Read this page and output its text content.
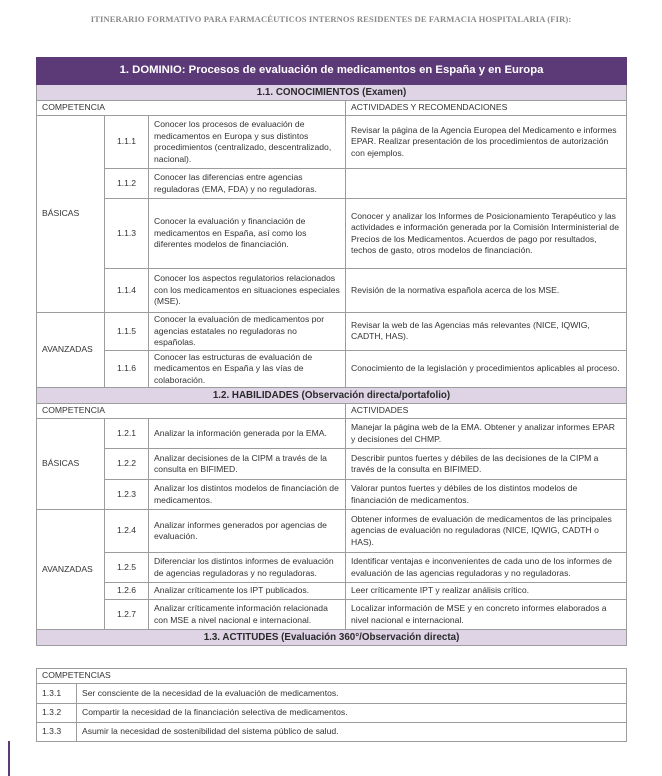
ITINERARIO FORMATIVO PARA FARMACÉUTICOS INTERNOS RESIDENTES DE FARMACIA HOSPITALARIA (FIR):
1. DOMINIO: Procesos de evaluación de medicamentos en España y en Europa			
1.1. CONOCIMIENTOS (Examen)			
COMPETENCIA			ACTIVIDADES Y RECOMENDACIONES
BÁSICAS	1.1.1	Conocer los procesos de evaluación de medicamentos en Europa y sus distintos procedimientos (centralizado, descentralizado, nacional).	Revisar la página de la Agencia Europea del Medicamento e informes EPAR. Realizar presentación de los procedimientos de autorización con ejemplos.
	1.1.2	Conocer las diferencias entre agencias reguladoras (EMA, FDA) y no reguladoras.	
	1.1.3	Conocer la evaluación y financiación de medicamentos en España, así como los diferentes modelos de financiación.	Conocer y analizar los Informes de Posicionamiento Terapéutico y las actividades e información generada por la Comisión Interministerial de Precios de los Medicamentos. Acuerdos de pago por resultados, techos de gasto, otros modelos de financiación.
	1.1.4	Conocer los aspectos regulatorios relacionados con los medicamentos en situaciones especiales (MSE).	Revisión de la normativa española acerca de los MSE.
AVANZADAS	1.1.5	Conocer la evaluación de medicamentos por agencias estatales no reguladoras no españolas.	Revisar la web de las Agencias más relevantes (NICE, IQWIG, CADTH, HAS).
	1.1.6	Conocer las estructuras de evaluación de medicamentos en España y las vías de colaboración.	Conocimiento de la legislación y procedimientos aplicables al proceso.
1.2. HABILIDADES (Observación directa/portafolio)			
COMPETENCIA			ACTIVIDADES
BÁSICAS	1.2.1	Analizar la información generada por la EMA.	Manejar la página web de la EMA. Obtener y analizar informes EPAR y decisiones del CHMP.
	1.2.2	Analizar decisiones de la CIPM a través de la consulta en BIFIMED.	Describir puntos fuertes y débiles de las decisiones de la CIPM a través de la consulta en BIFIMED.
	1.2.3	Analizar los distintos modelos de financiación de medicamentos.	Valorar puntos fuertes y débiles de los distintos modelos de financiación de medicamentos.
AVANZADAS	1.2.4	Analizar informes generados por agencias de evaluación.	Obtener informes de evaluación de medicamentos de las principales agencias de evaluación no reguladoras (NICE, IQWIG, CADTH o HAS).
	1.2.5	Diferenciar los distintos informes de evaluación de agencias reguladoras y no reguladoras.	Identificar ventajas e inconvenientes de cada uno de los informes de evaluación de las agencias reguladoras y no reguladoras.
	1.2.6	Analizar críticamente los IPT publicados.	Leer críticamente IPT y realizar análisis crítico.
	1.2.7	Analizar críticamente información relacionada con MSE a nivel nacional e internacional.	Localizar información de MSE y en concreto informes elaborados a nivel nacional e internacional.
1.3. ACTITUDES (Evaluación 360°/Observación directa)			
COMPETENCIAS	
1.3.1	Ser consciente de la necesidad de la evaluación de medicamentos.
1.3.2	Compartir la necesidad de la financiación selectiva de medicamentos.
1.3.3	Asumir la necesidad de sostenibilidad del sistema público de salud.
